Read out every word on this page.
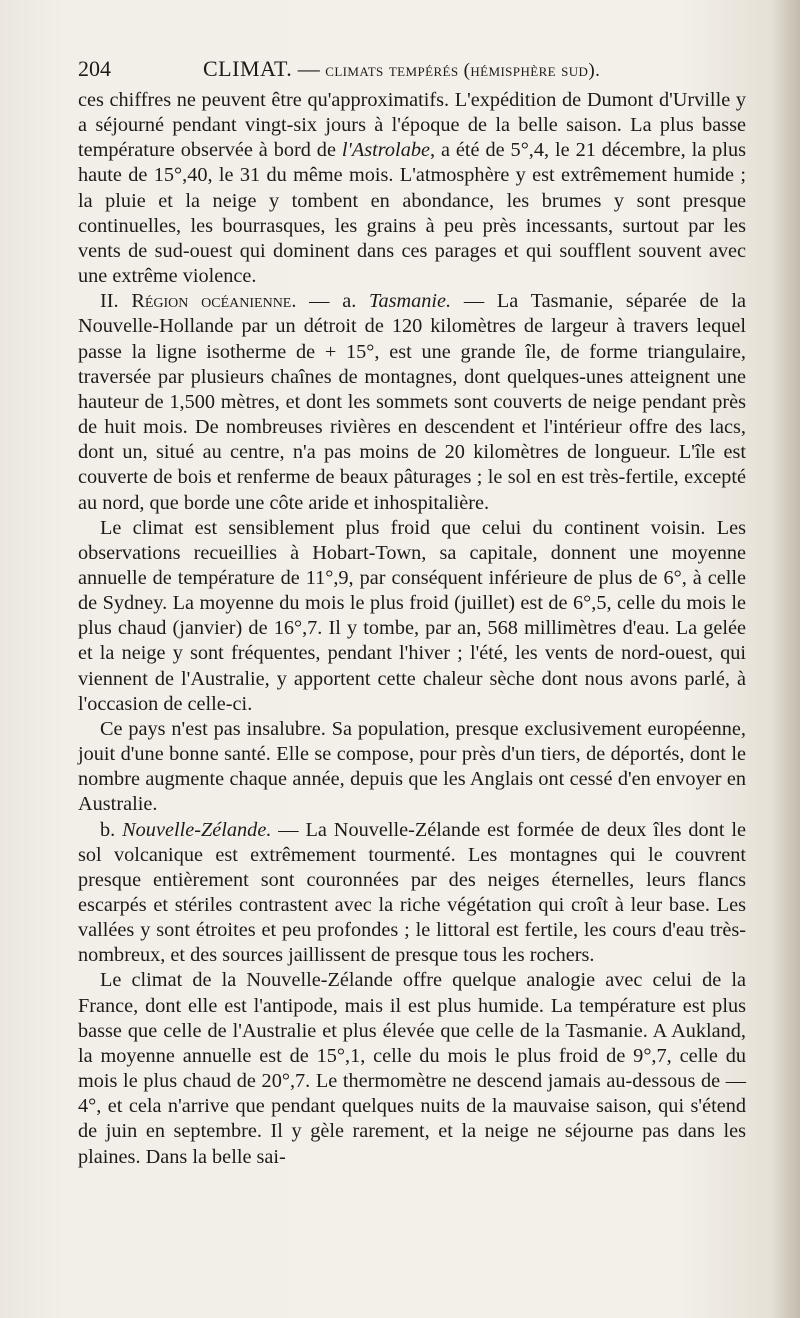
204	CLIMAT. — climats tempérés (hémisphère sud).

ces chiffres ne peuvent être qu'approximatifs. L'expédition de Dumont d'Urville y a séjourné pendant vingt-six jours à l'époque de la belle saison. La plus basse température observée à bord de l'Astrolabe, a été de 5°,4, le 21 décembre, la plus haute de 15°,40, le 31 du même mois. L'atmosphère y est extrêmement humide ; la pluie et la neige y tombent en abondance, les brumes y sont presque continuelles, les bourrasques, les grains à peu près incessants, surtout par les vents de sud-ouest qui dominent dans ces parages et qui soufflent souvent avec une extrême violence.

II. Région océanienne. — a. Tasmanie. — La Tasmanie, séparée de la Nouvelle-Hollande par un détroit de 120 kilomètres de largeur à travers lequel passe la ligne isotherme de + 15°, est une grande île, de forme triangulaire, traversée par plusieurs chaînes de montagnes, dont quelques-unes atteignent une hauteur de 1,500 mètres, et dont les sommets sont couverts de neige pendant près de huit mois. De nombreuses rivières en descendent et l'intérieur offre des lacs, dont un, situé au centre, n'a pas moins de 20 kilomètres de longueur. L'île est couverte de bois et renferme de beaux pâturages ; le sol en est très-fertile, excepté au nord, que borde une côte aride et inhospitalière.

Le climat est sensiblement plus froid que celui du continent voisin. Les observations recueillies à Hobart-Town, sa capitale, donnent une moyenne annuelle de température de 11°,9, par conséquent inférieure de plus de 6°, à celle de Sydney. La moyenne du mois le plus froid (juillet) est de 6°,5, celle du mois le plus chaud (janvier) de 16°,7. Il y tombe, par an, 568 millimètres d'eau. La gelée et la neige y sont fréquentes, pendant l'hiver ; l'été, les vents de nord-ouest, qui viennent de l'Australie, y apportent cette chaleur sèche dont nous avons parlé, à l'occasion de celle-ci.

Ce pays n'est pas insalubre. Sa population, presque exclusivement européenne, jouit d'une bonne santé. Elle se compose, pour près d'un tiers, de déportés, dont le nombre augmente chaque année, depuis que les Anglais ont cessé d'en envoyer en Australie.

b. Nouvelle-Zélande. — La Nouvelle-Zélande est formée de deux îles dont le sol volcanique est extrêmement tourmenté. Les montagnes qui le couvrent presque entièrement sont couronnées par des neiges éternelles, leurs flancs escarpés et stériles contrastent avec la riche végétation qui croît à leur base. Les vallées y sont étroites et peu profondes ; le littoral est fertile, les cours d'eau très-nombreux, et des sources jaillissent de presque tous les rochers.

Le climat de la Nouvelle-Zélande offre quelque analogie avec celui de la France, dont elle est l'antipode, mais il est plus humide. La température est plus basse que celle de l'Australie et plus élevée que celle de la Tasmanie. A Aukland, la moyenne annuelle est de 15°,1, celle du mois le plus froid de 9°,7, celle du mois le plus chaud de 20°,7. Le thermomètre ne descend jamais au-dessous de — 4°, et cela n'arrive que pendant quelques nuits de la mauvaise saison, qui s'étend de juin en septembre. Il y gèle rarement, et la neige ne séjourne pas dans les plaines. Dans la belle sai-
